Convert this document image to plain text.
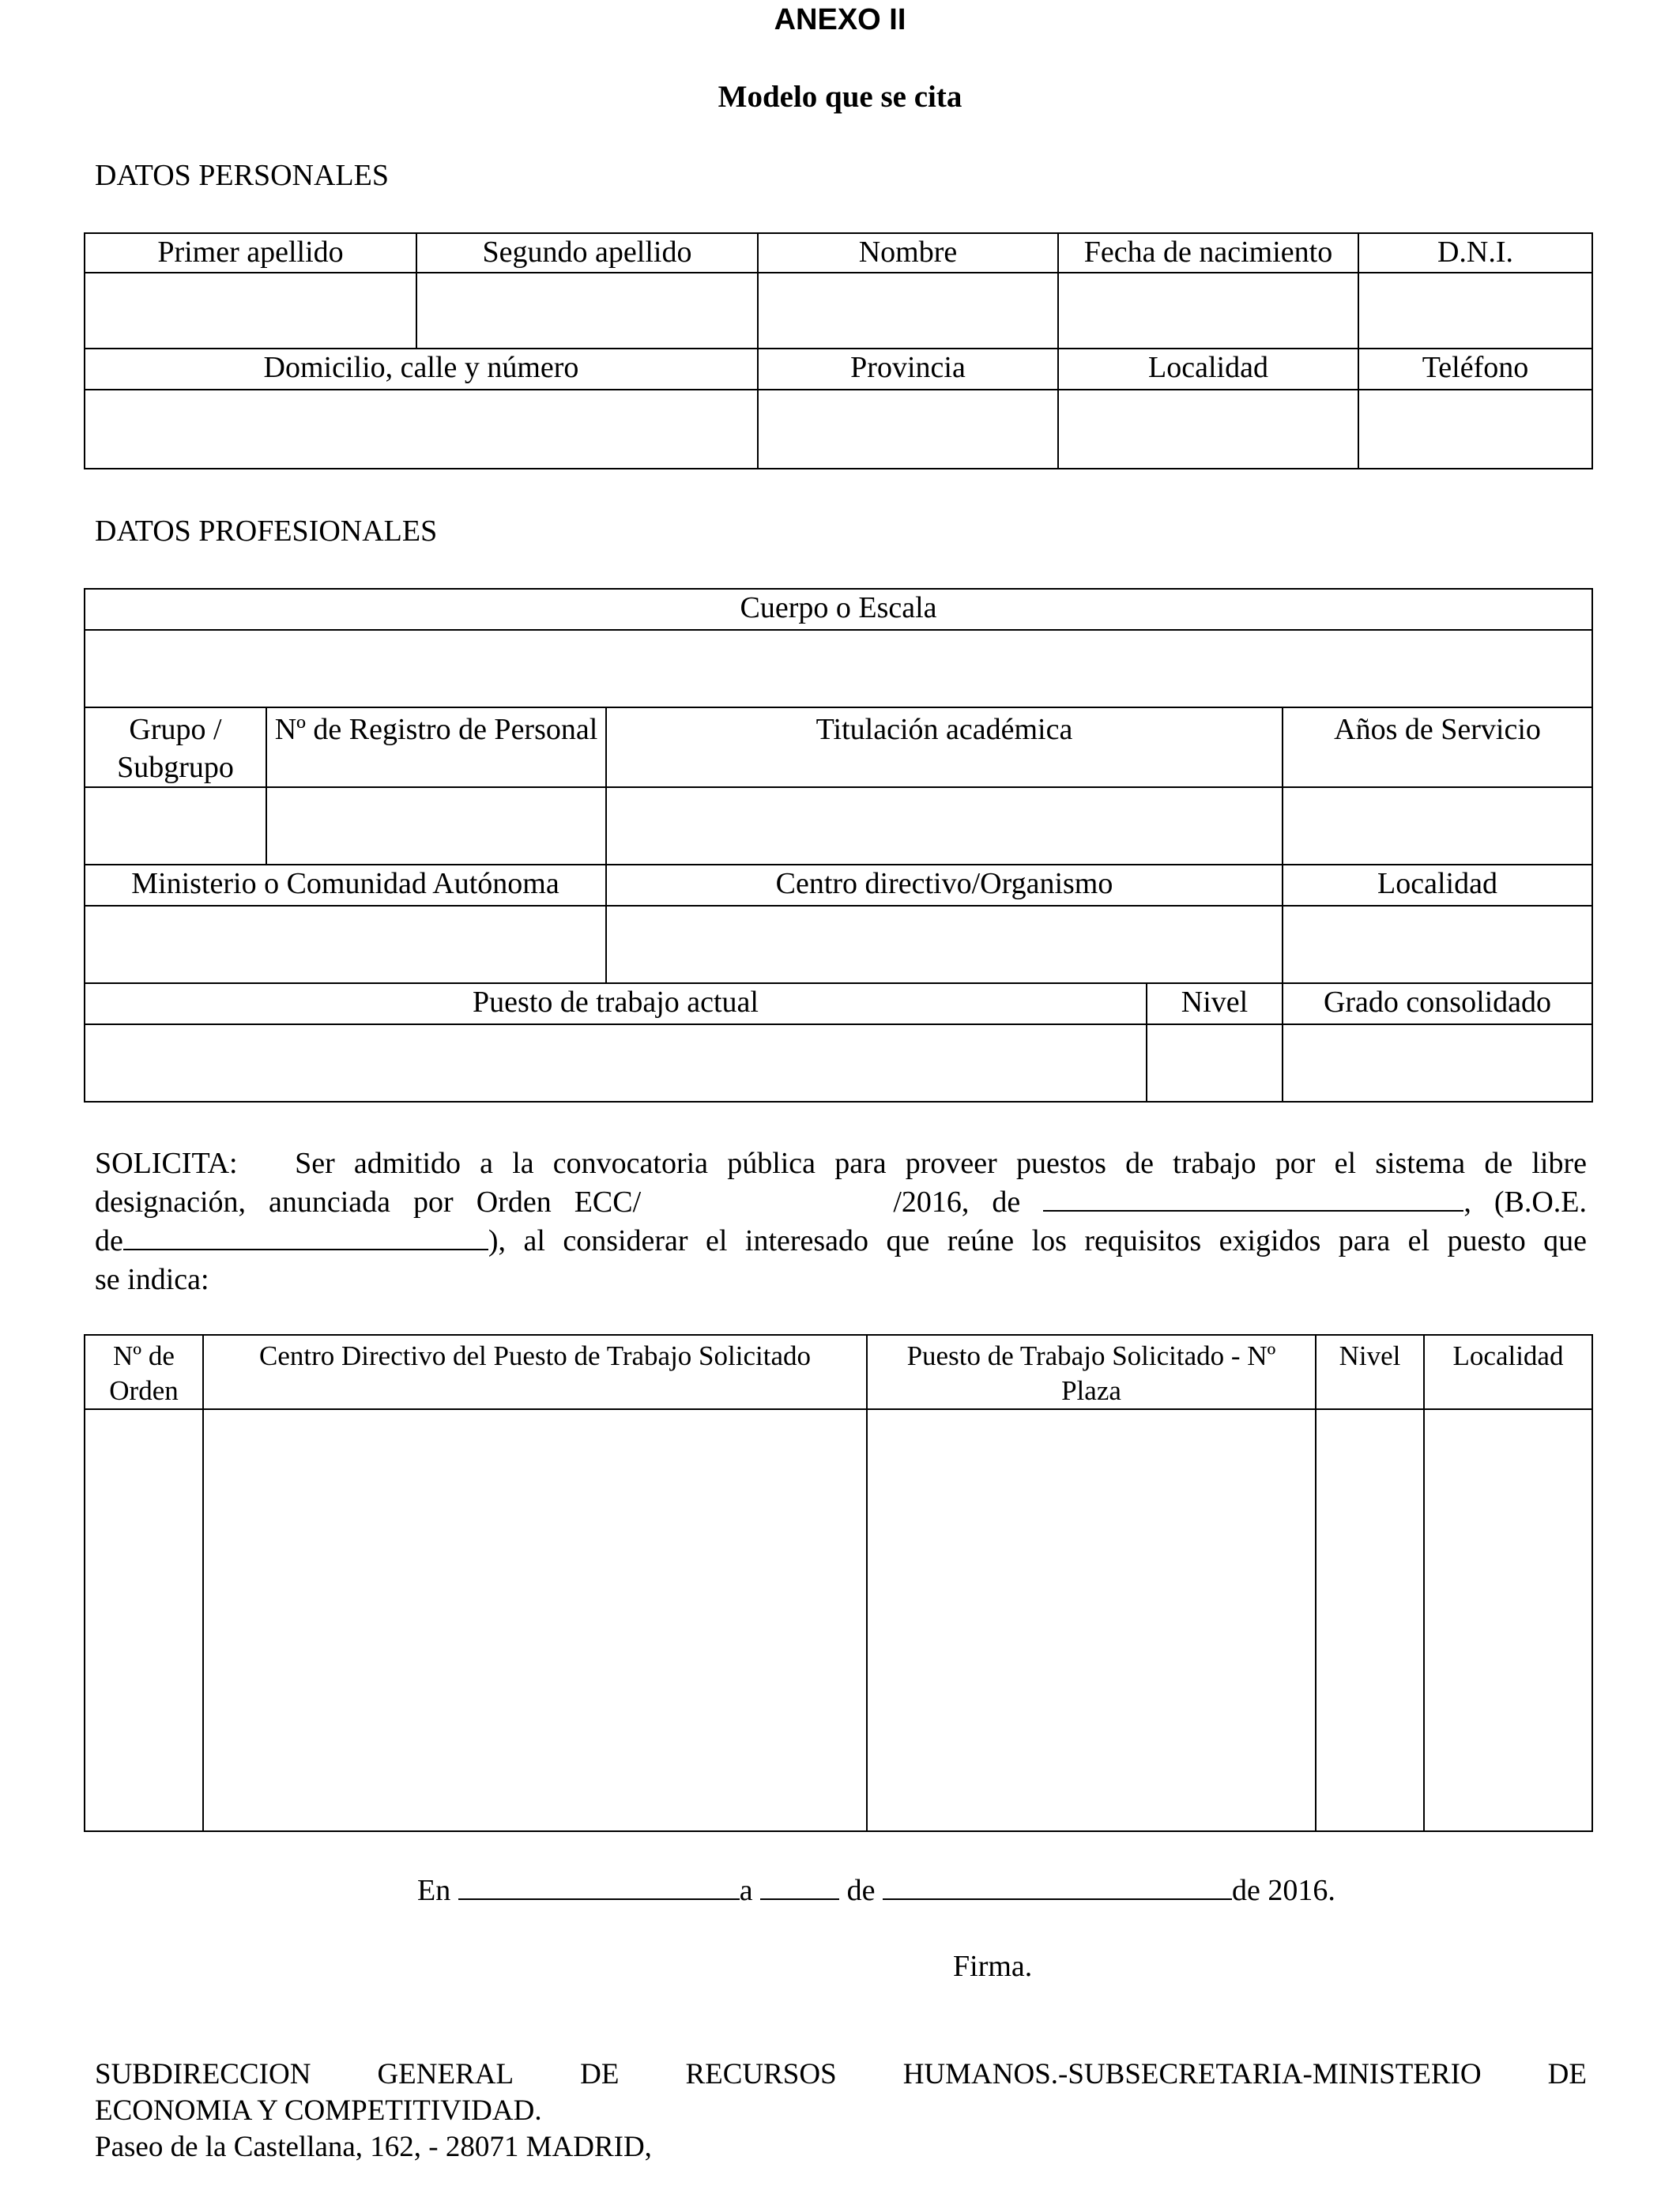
ANEXO II
Modelo que se cita
DATOS PERSONALES
Primer apellido	Segundo apellido	Nombre	Fecha de nacimiento	D.N.I.

Domicilio, calle y número		Provincia	Localidad	Teléfono

DATOS PROFESIONALES
Cuerpo o Escala				

Grupo / Subgrupo	Nº de Registro de Personal	Titulación académica		Años de Servicio

Ministerio o Comunidad Autónoma		Centro directivo/Organismo		Localidad

Puesto de trabajo actual			Nivel	Grado consolidado

SOLICITA: Ser admitido a la convocatoria pública para proveer puestos de trabajo por el sistema de libre
designación, anunciada por Orden ECC/	/2016, de	, (B.O.E.
de	), al considerar el interesado que reúne los requisitos exigidos para el puesto que
se indica:
Nº de Orden	Centro Directivo del Puesto de Trabajo Solicitado	Puesto de Trabajo Solicitado - Nº Plaza	Nivel	Localidad

En	a	de	de 2016.
Firma.
SUBDIRECCION GENERAL DE RECURSOS HUMANOS.-SUBSECRETARIA-MINISTERIO DE
ECONOMIA Y COMPETITIVIDAD.
Paseo de la Castellana, 162, - 28071 MADRID,
